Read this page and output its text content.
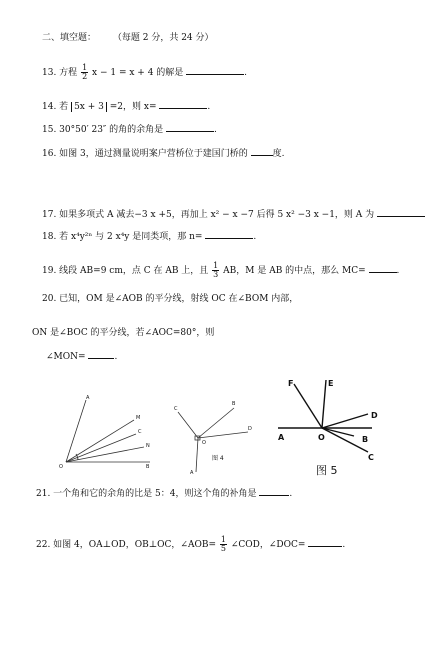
二、填空题： （每题 2 分，共 24 分）
13. 方程 $\frac{1}{2}$ x − 1 = x + 4 的解是	.
14. 若 5x + 3 =2，则 x=	.
15. 30°50′ 23″ 的角的余角是	.
16. 如图 3，通过测量说明案户营桥位于建国门桥的	度.
17. 如果多项式 A 减去−3 x +5，再加上 x² − x −7 后得 5 x² −3 x −1，则 A 为
18. 若 x⁴y²ⁿ 与 2 x⁴y 是同类项，那 n=	.
19. 线段 AB=9 cm，点 C 在 AB 上，且 $\frac{1}{3}$ AB，M 是 AB 的中点，那么 MC=	.
20. 已知，OM 是∠AOB 的平分线，射线 OC 在∠BOM 内部，
ON 是∠BOC 的平分线，若∠AOC=80°，则
∠MON=	.
A
M
C
N
B
O
C
B
D
O
A
图 4
F	E
D
A	O	B
C
图 5
21. 一个角和它的余角的比是 5：4，则这个角的补角是	.
22. 如图 4，OA⊥OD，OB⊥OC，∠AOB= $\frac{1}{5}$ ∠COD，∠DOC=	.
